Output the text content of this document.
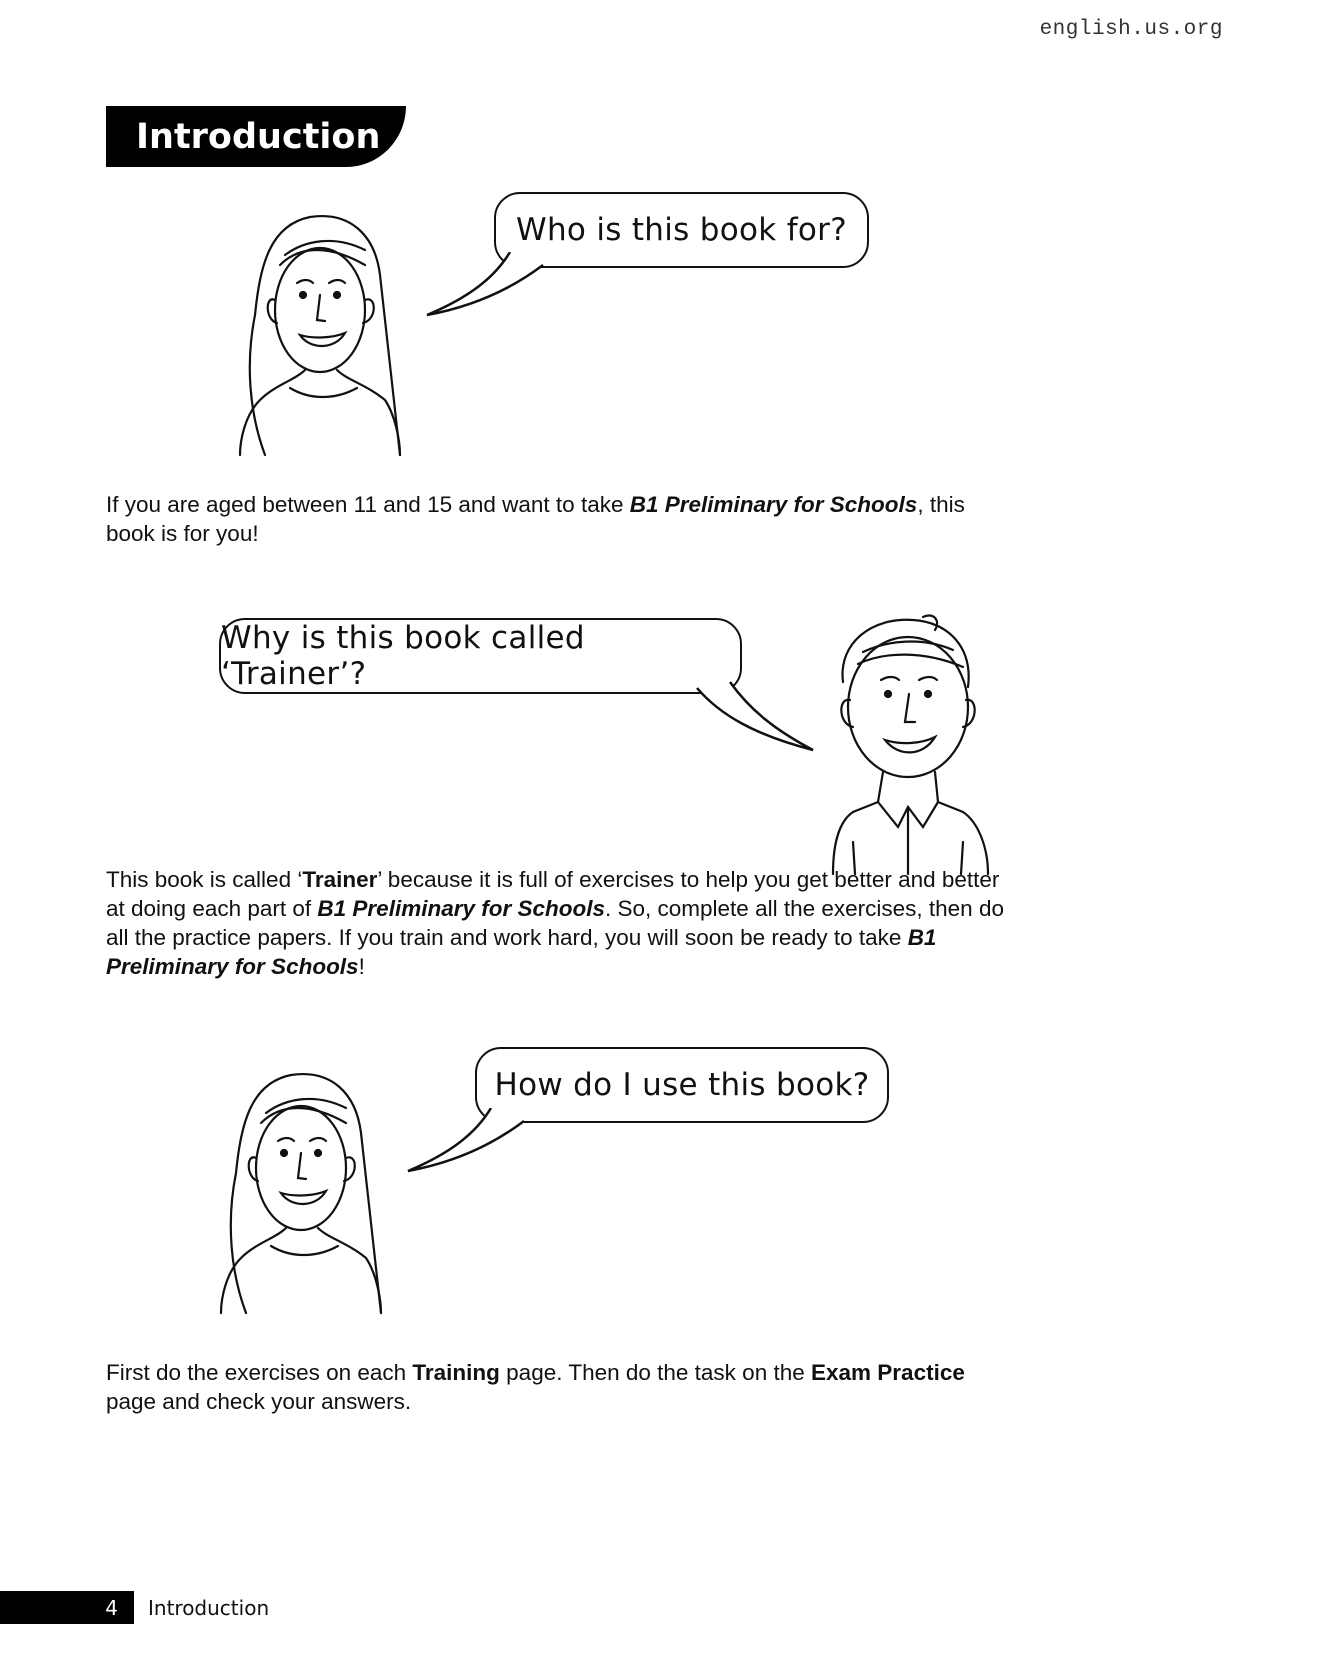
english.us.org
Introduction
Who is this book for?

If you are aged between 11 and 15 and want to take B1 Preliminary for Schools, this book is for you!

Why is this book called ‘Trainer’?

This book is called ‘Trainer’ because it is full of exercises to help you get better and better at doing each part of B1 Preliminary for Schools. So, complete all the exercises, then do all the practice papers. If you train and work hard, you will soon be ready to take B1 Preliminary for Schools!

How do I use this book?

First do the exercises on each Training page. Then do the task on the Exam Practice page and check your answers.

4 Introduction
